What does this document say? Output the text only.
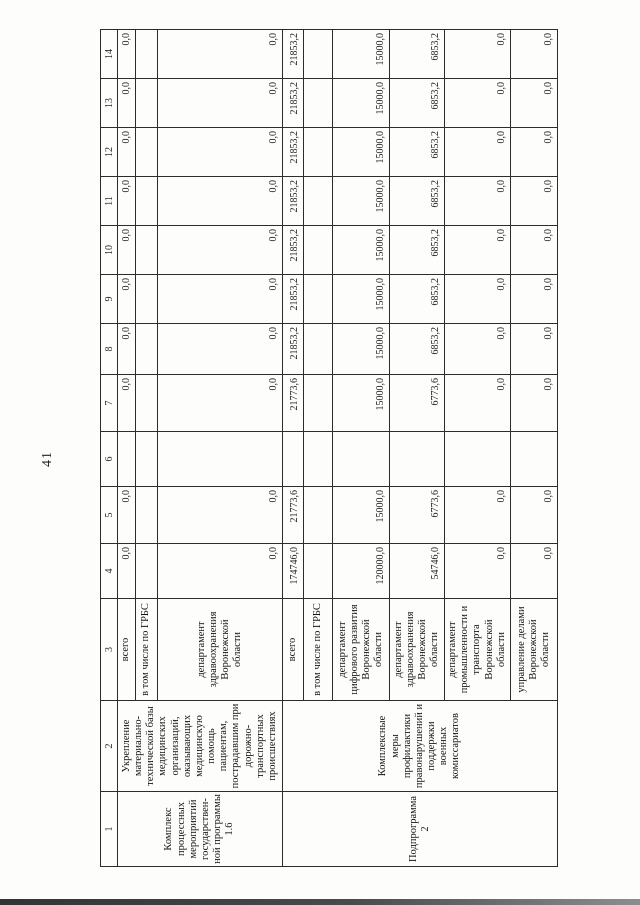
41
1	2	3	4	5	6	7	8	9	10	11	12	13	14
Комплекс процессных мероприятий государственной программы 1.6	Укрепление материально-технической базы медицинских организаций, оказывающих медицинскую помощь пациентам, пострадавшим при дорожно-транспортных происшествиях	всего	0,0	0,0		0,0	0,0	0,0	0,0	0,0	0,0	0,0	0,0
		в том числе по ГРБС											
		департамент здравоохранения Воронежской области	0,0	0,0		0,0	0,0	0,0	0,0	0,0	0,0	0,0	0,0
Подпрограмма 2	Комплексные меры профилактики правонарушений и поддержки военных комиссариатов	всего	174746,0	21773,6		21773,6	21853,2	21853,2	21853,2	21853,2	21853,2	21853,2	21853,2
		в том числе по ГРБС											
		департамент цифрового развития Воронежской области	120000,0	15000,0		15000,0	15000,0	15000,0	15000,0	15000,0	15000,0	15000,0	15000,0
		департамент здравоохранения Воронежской области	54746,0	6773,6		6773,6	6853,2	6853,2	6853,2	6853,2	6853,2	6853,2	6853,2
		департамент промышленности и транспорта Воронежской области	0,0	0,0		0,0	0,0	0,0	0,0	0,0	0,0	0,0	0,0
		управление делами Воронежской области	0,0	0,0		0,0	0,0	0,0	0,0	0,0	0,0	0,0	0,0
